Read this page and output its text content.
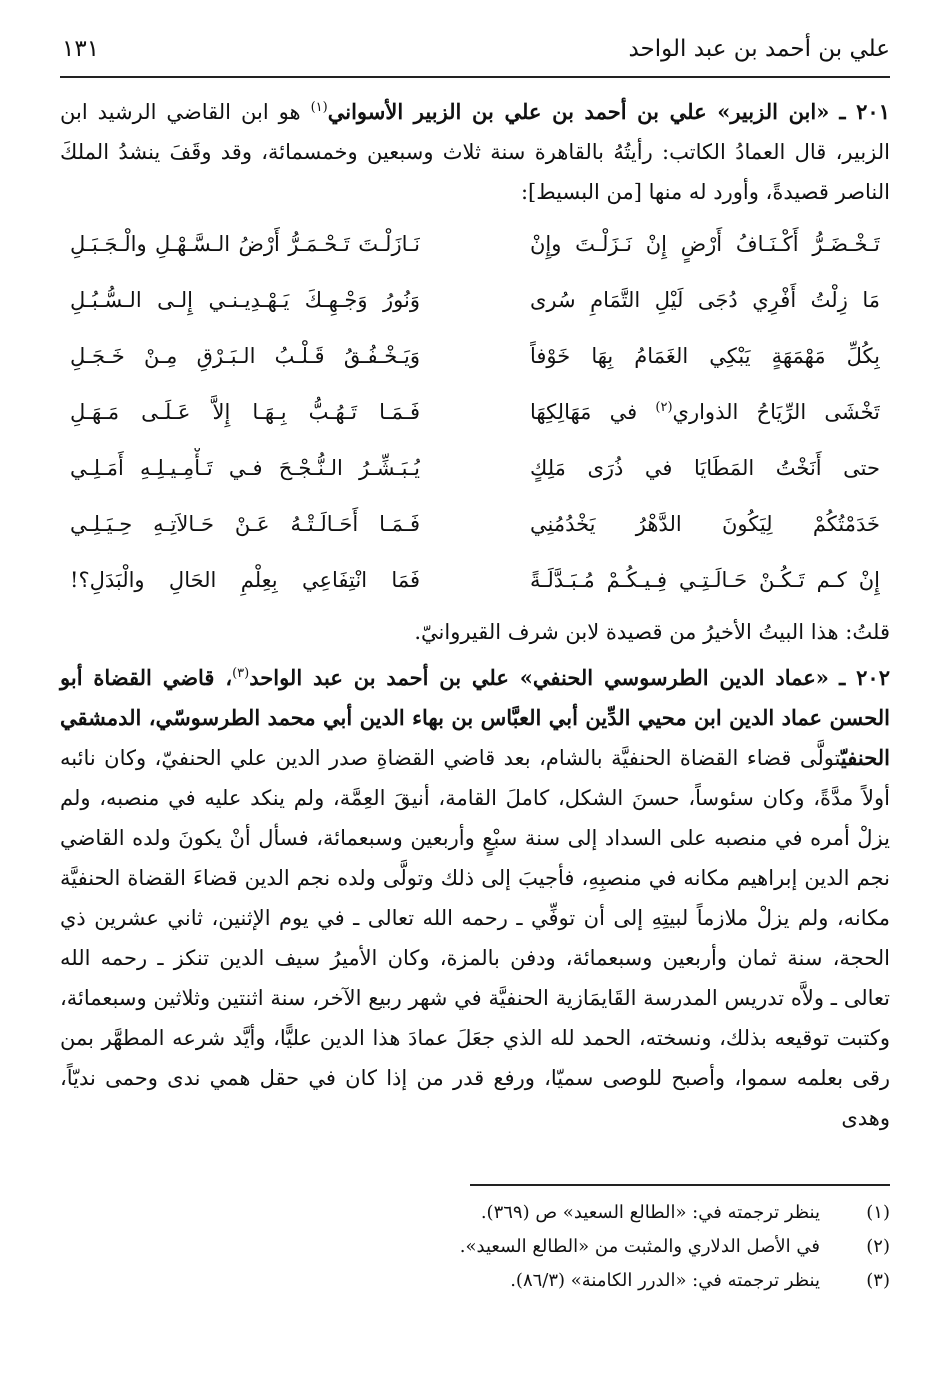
علي بن أحمد بن عبد الواحد
١٣١

٢٠١ ـ «ابن الزبير» علي بن أحمد بن علي بن الزبير الأسواني$^{(١)}$ هو ابن القاضي الرشيد ابن الزبير، قال العمادُ الكاتب: رأيتُهُ بالقاهرة سنة ثلاث وسبعين وخمسمائة، وقد وقَفَ ينشدُ الملكَ الناصر قصيدةً، وأورد له منها [من البسيط]:

تَـخْـضَـرُّ أَكْـنَـافُ أَرْضٍ إِنْ نَـزَلْـتَ وإِنْ
نَـازَلْـتَ تَـحْـمَـرُّ أَرْضُ الـسَّـهْـلِ والْـجَـبَـلِ
مَا زِلْتُ أَفْرِي دُجَى لَيْلِ التَّمَامِ سُرى
وَنُورُ وَجْـهِـكَ يَـهْـدِيـنـي إِلـى الـسُّـبُـلِ
بِكُلِّ مَهْمَهَةٍ يَبْكِي الغَمَامُ بِهَا خَوْفاً
وَيَـخْـفُـقُ قَـلْـبُ الـبَـرْقِ مِـنْ خَـجَـلِ
تَخْشَى الرِّيَاحُ الذواري$^{(٢)}$ في مَهَالِكِهَا
فَـمَـا تَـهُـبُّ بِـهَـا إِلاَّ عَـلَـى مَـهَـلِ
حتى أَنَخْتُ المَطَايَا في ذُرَى مَلِكٍ
يُـبَـشِّـرُ الـنُّـجْـحَ فـي تَـأْمِـيـلِـهِ أَمَـلِـي
خَدَمْتُكُمْ لِيَكُونَ الدَّهْرُ يَخْدُمُنِي
فَـمَـا أَحَـالَـتْـهُ عَـنْ حَـالاَتِـهِ حِـيَـلِـي
إِنْ كـم تَـكُـنْ حَـالَـتِـي فِـيـكُـمْ مُـبَـدَّلَـةً
فَمَا انْتِفَاعِي بِعِلْمِ الحَالِ والْبَدَلِ؟!

قلتُ: هذا البيتُ الأخيرُ من قصيدة لابن شرف القيروانيّ.

٢٠٢ ـ «عماد الدين الطرسوسي الحنفي» علي بن أحمد بن عبد الواحد$^{(٣)}$، قاضي القضاة أبو الحسن عماد الدين ابن محيي الدِّين أبي العبَّاس بن بهاء الدين أبي محمد الطرسوسّي، الدمشقي الحنفيّتولَّى قضاء القضاة الحنفيَّة بالشام، بعد قاضي القضاةِ صدر الدين علي الحنفيّ، وكان نائبه أولاً مدَّةً، وكان سئوساً، حسنَ الشكل، كاملَ القامة، أنيقَ العِمَّة، ولم ينكد عليه في منصبه، ولم يزلْ أمره في منصبه على السداد إلى سنة سبْعٍ وأربعين وسبعمائة، فسأل أنْ يكونَ ولده القاضي نجم الدين إبراهيم مكانه في منصبِهِ، فأجيبَ إلى ذلك وتولَّى ولده نجم الدين قضاءَ القضاة الحنفيَّة مكانه، ولم يزلْ ملازماً لبيتِهِ إلى أن توفِّي ـ رحمه الله تعالى ـ في يوم الإثنين، ثاني عشرين ذي الحجة، سنة ثمان وأربعين وسبعمائة، ودفن بالمزة، وكان الأميرُ سيف الدين تنكز ـ رحمه الله تعالى ـ ولاَّه تدريس المدرسة القَايمَازية الحنفيَّة في شهر ربيع الآخر، سنة اثنتين وثلاثين وسبعمائة، وكتبت توقيعه بذلك، ونسخته، الحمد لله الذي جعَلَ عمادَ هذا الدين عليًّا، وأيَّد شرعه المطهَّر بمن رقى بعلمه سموا، وأصبح للوصى سميّا، ورفع قدر من إذا كان في حقل همي ندى وحمى نديّاً، وهدى

(١)
ينظر ترجمته في: «الطالع السعيد» ص (٣٦٩).
(٢)
في الأصل الدلاري والمثبت من «الطالع السعيد».
(٣)
ينظر ترجمته في: «الدرر الكامنة» (٨٦/٣).
